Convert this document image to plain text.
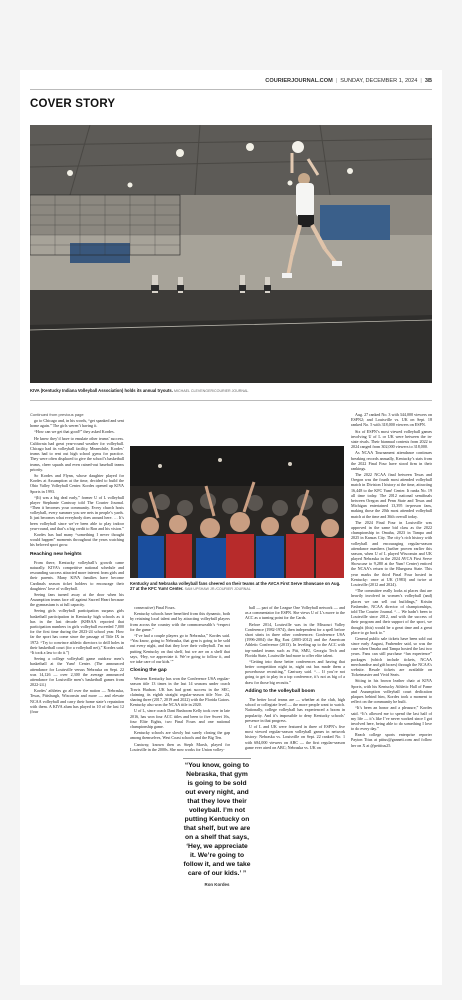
COURIERJOURNAL.COM | SUNDAY, DECEMBER 1, 2024 | 3B
COVER STORY
KIVA (Kentucky Indiana Volleyball Association) holds its annual tryouts. MICHAEL CLEVENGER/COURIER JOURNAL

Continued from previous page

go to Chicago and, in his words, “get spanked and sent home again.” The girls weren’t having it.

“How can we get that good?” they asked Kordes.

He knew they’d have to emulate other teams’ success. California had great year-round weather for volleyball. Chicago had its volleyball facility. Meanwhile, Kordes’ teams had to rent out high school gyms for practice. They were often displaced to give the school’s basketball teams, cheer squads and even rained-out baseball teams priority.

So Kordes and Flynn, whose daughter played for Kordes at Assumption at the time, decided to build the Ohio Valley Volleyball Center. Kordes opened up KIVA Sports in 1993.

“(It) was a big deal early,” former U of L volleyball player Stephanie Cantway told The Courier Journal. “Then it becomes your community. Every church hosts volleyball, every summer you see nets in people’s yards. It just becomes what everybody does around here. … It’s been volleyball since we’ve been able to play indoor year-round, and that’s a big credit to Ron and his vision.”

Kordes has had many “something I never thought would happen” moments throughout the years watching his beloved sport grow.

Reaching new heights

From there, Kentucky volleyball’s growth came naturally. KIVA’s competitive national schedule and resounding success attracted more interest from girls and their parents. Many KIVA families have become Cardinals season ticket holders to encourage their daughters’ love of volleyball.

Seeing fans turned away at the door when his Assumption teams face off against Sacred Heart because the gymnasium is at full capacity.

Seeing girls volleyball participation surpass girls basketball participation in Kentucky high schools as it has in the last decade (KHSAA reported that participation numbers in girls volleyball exceeded 7,000 for the first time during the 2023-24 school year. How far the sport has come since the passage of Title IX in 1972: “Try to convince athletic directors to drill holes in their basketball court (for a volleyball net),” Kordes said. “It took a law to do it.”)

Seeing a college volleyball game outdraw men’s basketball at the Yum! Center. (The announced attendance for Louisville versus Nebraska on Sept. 22 was 14,126 — over 2,300 the average announced attendance for Louisville men’s basketball games from 2022-24.)

Kordes’ athletes go all over the nation — Nebraska, Texas, Pittsburgh, Wisconsin and more — and elevate NCAA volleyball and carry their home state’s reputation with them. A KIVA alum has played in 10 of the last 12 (four

Kentucky and Nebraska volleyball fans cheered on their teams at the AVCA First Serve Showcase on Aug. 27 at the KFC Yum! Center. SAM UPSHAW JR./COURIER JOURNAL

consecutive) Final Fours.

Kentucky schools have benefited from this dynamic, both by retaining local talent and by attracting volleyball players from across the country with the commonwealth’s “respect for the game.”

“I’ve had a couple players go to Nebraska,” Kordes said. “You know, going to Nebraska, that gym is going to be sold out every night, and that they love their volleyball. I’m not putting Kentucky on that shelf, but we are on a shelf that says, ‘Hey, we appreciate it. We’re going to follow it, and we take care of our kids.’”

Closing the gap

Western Kentucky has won the Conference USA regular-season title 13 times in the last 14 seasons under coach Travis Hudson. UK has had great success in the SEC, claiming its eighth straight regular-season title Nov. 24, sharing three (2017, 2019 and 2022) with the Florida Gators. Kentucky also won the NCAA title in 2020.

U of L, since coach Dani Busboom Kelly took over in late 2016, has won four ACC titles and been to five Sweet 16s, four Elite Eights, two Final Fours and one national championship game.

Kentucky schools are slowly but surely closing the gap among themselves, West Coast schools and the Big Ten.

Cantway, known then as Steph Marsh, played for Louisville in the 2000s. She now works for Union volley-

ball — part of the League One Volleyball network — and as a commentator for ESPN. She views U of L’s move to the ACC as a turning point for the Cards.

Before 2014, Louisville was in the Missouri Valley Conference (1982-1974), then independent for a spell before short stints in three other conferences: Conference USA (1996-2004) the Big East (2005-2012) and the American Athletic Conference (2013). In leveling up to the ACC with top-ranked teams such as Pitt, SMU, Georgia Tech and Florida State, Louisville had more to offer elite talent.

“Getting into those better conferences and having that better competition night in, night out has made them a powerhouse recruiting,” Cantway said. “… If you’re not going to get to play in a top conference, it’s not as big of a draw for those big recruits.”

Adding to the volleyball boom

The better local teams are — whether at the club, high school or collegiate level — the more people want to watch. Nationally, college volleyball has experienced a boom in popularity. And it’s impossible to deny Kentucky schools’ presence in that progress.

U of L and UK were featured in three of ESPN’s five most viewed regular-season volleyball games in network history: Nebraska vs. Louisville on Sept. 22 ranked No. 1 with 684,000 viewers on ABC — the first regular-season game ever aired on ABC; Nebraska vs. UK on

“You know, going to Nebraska, that gym is going to be sold out every night, and that they love their volleyball. I’m not putting Kentucky on that shelf, but we are on a shelf that says, ‘Hey, we appreciate it. We’re going to follow it, and we take care of our kids.’ ”
Ron Kordes

Aug. 27 ranked No. 3 with 344,000 viewers on ESPN2; and Louisville vs. UK on Sept. 18 ranked No. 5 with 318,000 viewers on ESPN.

Six of ESPN’s most viewed volleyball games involving U of L or UK were between the in-state rivals. Their biannual contests from 2022 to 2024 ranged from 302,000 viewers to 318,000.

As NCAA Tournament attendance continues breaking records annually, Kentucky’s stats from the 2022 Final Four have stood firm in their rankings.

The 2022 NCAA final between Texas and Oregon was the fourth most attended volleyball match in Division I history at the time, attracting 16,448 to the KFC Yum! Center. It ranks No. 19 all time today. The 2012 national semifinals between Oregon and Penn State and Texas and Michigan entertained 13,395 in-person fans, making those the 20th most attended volleyball match at the time and 36th overall today.

The 2024 Final Four in Louisville was approved in the same bid class as the 2022 championship in Omaha, 2023 in Tampa and 2025 in Kansas City. The city’s rich history with volleyball and encouraging regular-season attendance numbers (further proven earlier this season, when U of L played Wisconsin and UK played Nebraska in the 2024 AVCA First Serve Showcase to 9,280 at the Yum! Center) enticed the NCAA’s return to the Bluegrass State. This year marks the third Final Four hosted in Kentucky: once at UK (1983) and twice at Louisville (2012 and 2024).

“The committee really looks at places that are heavily involved in women’s volleyball (and) places we can sell out buildings,” Kristin Fasbender, NCAA director of championships, told The Courier Journal. “… We hadn’t been to Louisville since 2012, and with the success of their program and their support of the sport, we thought (this) would be a great time and a great place to go back to.”

General public sale tickets have been sold out since early August, Fasbender said, so was the case when Omaha and Tampa hosted the last two years. Fans can still purchase “fan experience” packages (which include tickets, NCAA merchandise and gift boxes) through the NCAA’s website. Resale tickets are available on Ticketmaster and Vivid Seats.

Sitting in his brown leather chair at KIVA Sports, with his Kentucky Athletic Hall of Fame and Assumption volleyball court dedication plaques behind him, Kordes took a moment to reflect on the community he built.

“It’s been an honor and a pleasure,” Kordes said. “It’s allowed me to spend the last half of my life — it’s like I’ve never worked since I got involved here, being able to do something I love to do every day.”

Reach college sports enterprise reporter Payton Titus at ptitus@gannett.com and follow her on X at @pettitus25.
